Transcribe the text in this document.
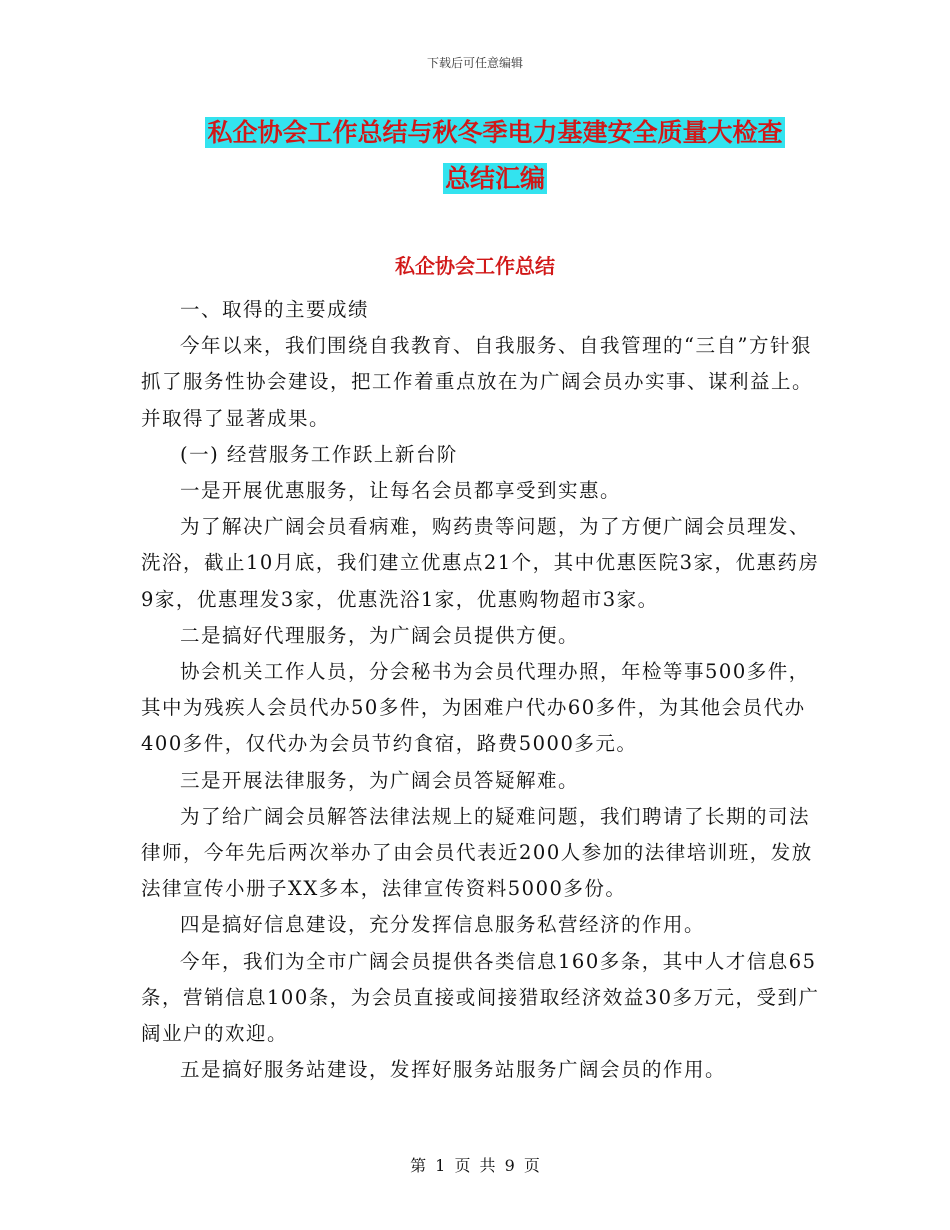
下载后可任意编辑
私企协会工作总结与秋冬季电力基建安全质量大检查
总结汇编
私企协会工作总结

一、取得的主要成绩

今年以来，我们围绕自我教育、自我服务、自我管理的“三自”方针狠抓了服务性协会建设，把工作着重点放在为广阔会员办实事、谋利益上。并取得了显著成果。

(一) 经营服务工作跃上新台阶

一是开展优惠服务，让每名会员都享受到实惠。

为了解决广阔会员看病难，购药贵等问题，为了方便广阔会员理发、洗浴，截止10月底，我们建立优惠点21个，其中优惠医院3家，优惠药房9家，优惠理发3家，优惠洗浴1家，优惠购物超市3家。

二是搞好代理服务，为广阔会员提供方便。

协会机关工作人员，分会秘书为会员代理办照，年检等事500多件，其中为残疾人会员代办50多件，为困难户代办60多件，为其他会员代办400多件，仅代办为会员节约食宿，路费5000多元。

三是开展法律服务，为广阔会员答疑解难。

为了给广阔会员解答法律法规上的疑难问题，我们聘请了长期的司法律师，今年先后两次举办了由会员代表近200人参加的法律培训班，发放法律宣传小册子XX多本，法律宣传资料5000多份。

四是搞好信息建设，充分发挥信息服务私营经济的作用。

今年，我们为全市广阔会员提供各类信息160多条，其中人才信息65条，营销信息100条，为会员直接或间接猎取经济效益30多万元，受到广阔业户的欢迎。

五是搞好服务站建设，发挥好服务站服务广阔会员的作用。

第 1 页 共 9 页
